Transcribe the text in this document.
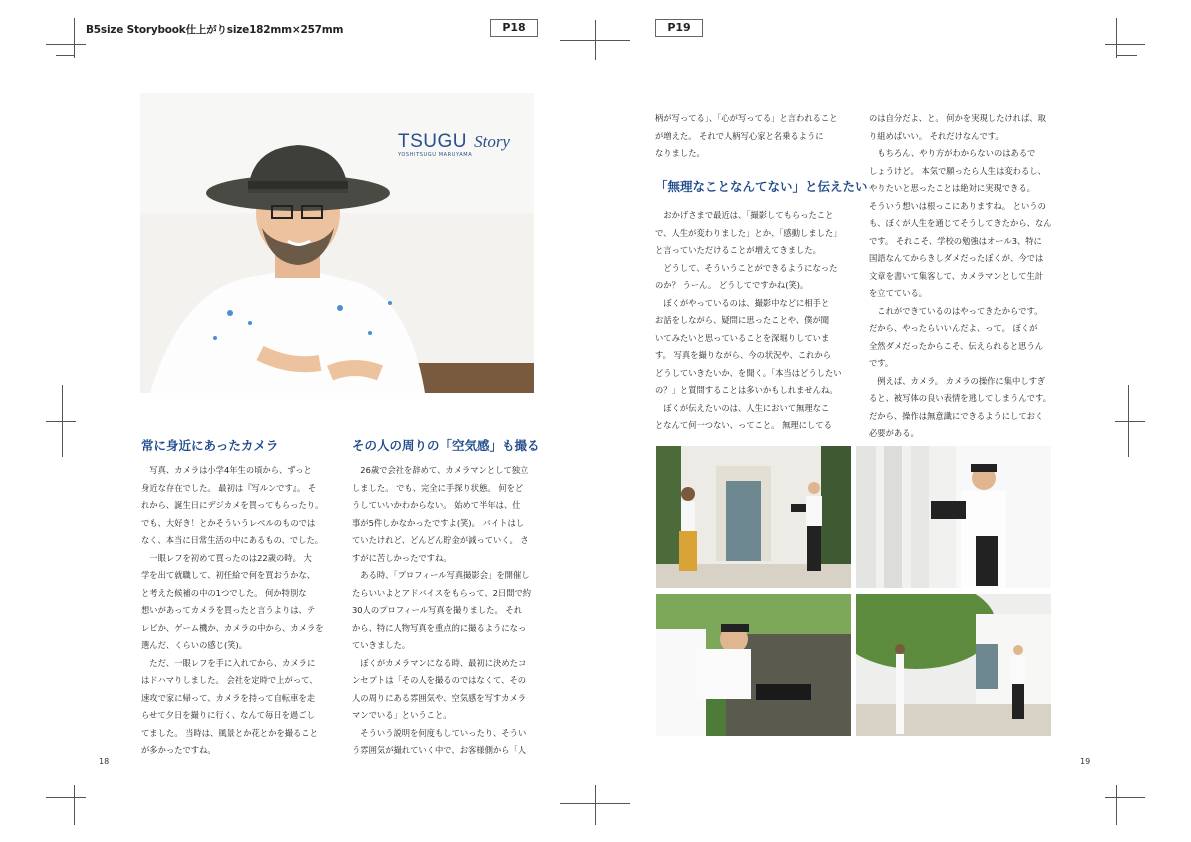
B5size Storybook仕上がりsize182mm×257mm	P18	P19
TSUGU Story
YOSHITSUGU MARUYAMA
常に身近にあったカメラ	その人の周りの「空気感」も撮る

写真、カメラは小学4年生の頃から、ずっと
身近な存在でした。 最初は『写ルンです』。 そ
れから、誕生日にデジカメを買ってもらったり。
でも、大好き！とかそういうレベルのものでは
なく、本当に日常生活の中にあるもの、でした。

一眼レフを初めて買ったのは22歳の時。 大
学を出て就職して、初任給で何を買おうかな、
と考えた候補の中の1つでした。 何か特別な
想いがあってカメラを買ったと言うよりは、テ
レビか、ゲーム機か、カメラの中から、カメラを
選んだ、くらいの感じ(笑)。

ただ、一眼レフを手に入れてから、カメラに
はドハマりしました。 会社を定時で上がって、
速攻で家に帰って、カメラを持って自転車を走
らせて夕日を撮りに行く、なんて毎日を過ごし
てました。 当時は、風景とか花とかを撮ること
が多かったですね。

26歳で会社を辞めて、カメラマンとして独立
しました。 でも、完全に手探り状態。 何をど
うしていいかわからない。 始めて半年は、仕
事が5件しかなかったですよ(笑)。 バイトはし
ていたけれど、どんどん貯金が減っていく。 さ
すがに苦しかったですね。

ある時、「プロフィール写真撮影会」を開催し
たらいいよとアドバイスをもらって、2日間で約
30人のプロフィール写真を撮りました。 それ
から、特に人物写真を重点的に撮るようになっ
ていきました。

ぼくがカメラマンになる時、最初に決めたコ
ンセプトは「その人を撮るのではなくて、その
人の周りにある雰囲気や、空気感を写すカメラ
マンでいる」ということ。

そういう説明を何度もしていったり、そうい
う雰囲気が撮れていく中で、お客様側から「人

柄が写ってる」、「心が写ってる」と言われること
が増えた。 それで人柄写心家と名乗るように
なりました。

「無理なことなんてない」と伝えたい

おかげさまで最近は、「撮影してもらったこと
で、人生が変わりました」とか、「感動しました」
と言っていただけることが増えてきました。

どうして、そういうことができるようになった
のか？ うーん。 どうしてですかね(笑)。

ぼくがやっているのは、撮影中などに相手と
お話をしながら、疑問に思ったことや、僕が聞
いてみたいと思っていることを深堀りしていま
す。 写真を撮りながら、今の状況や、これから
どうしていきたいか、を聞く。「本当はどうしたい
の？」と質問することは多いかもしれませんね。

ぼくが伝えたいのは、人生において無理なこ
となんて何一つない、ってこと。 無理にしてる

のは自分だよ、と。 何かを実現したければ、取
り組めばいい。 それだけなんです。

もちろん、やり方がわからないのはあるで
しょうけど。 本気で願ったら人生は変わるし、
やりたいと思ったことは絶対に実現できる。
そういう想いは根っこにありますね。 というの
も、ぼくが人生を通じてそうしてきたから、なん
です。 それこそ、学校の勉強はオール3、特に
国語なんてからきしダメだったぼくが、今では
文章を書いて集客して、カメラマンとして生計
を立てている。

これができているのはやってきたからです。
だから、やったらいいんだよ、って。 ぼくが
全然ダメだったからこそ、伝えられると思うん
です。

例えば、カメラ。 カメラの操作に集中しすぎ
ると、被写体の良い表情を逃してしまうんです。
だから、操作は無意識にできるようにしておく
必要がある。

18	19
